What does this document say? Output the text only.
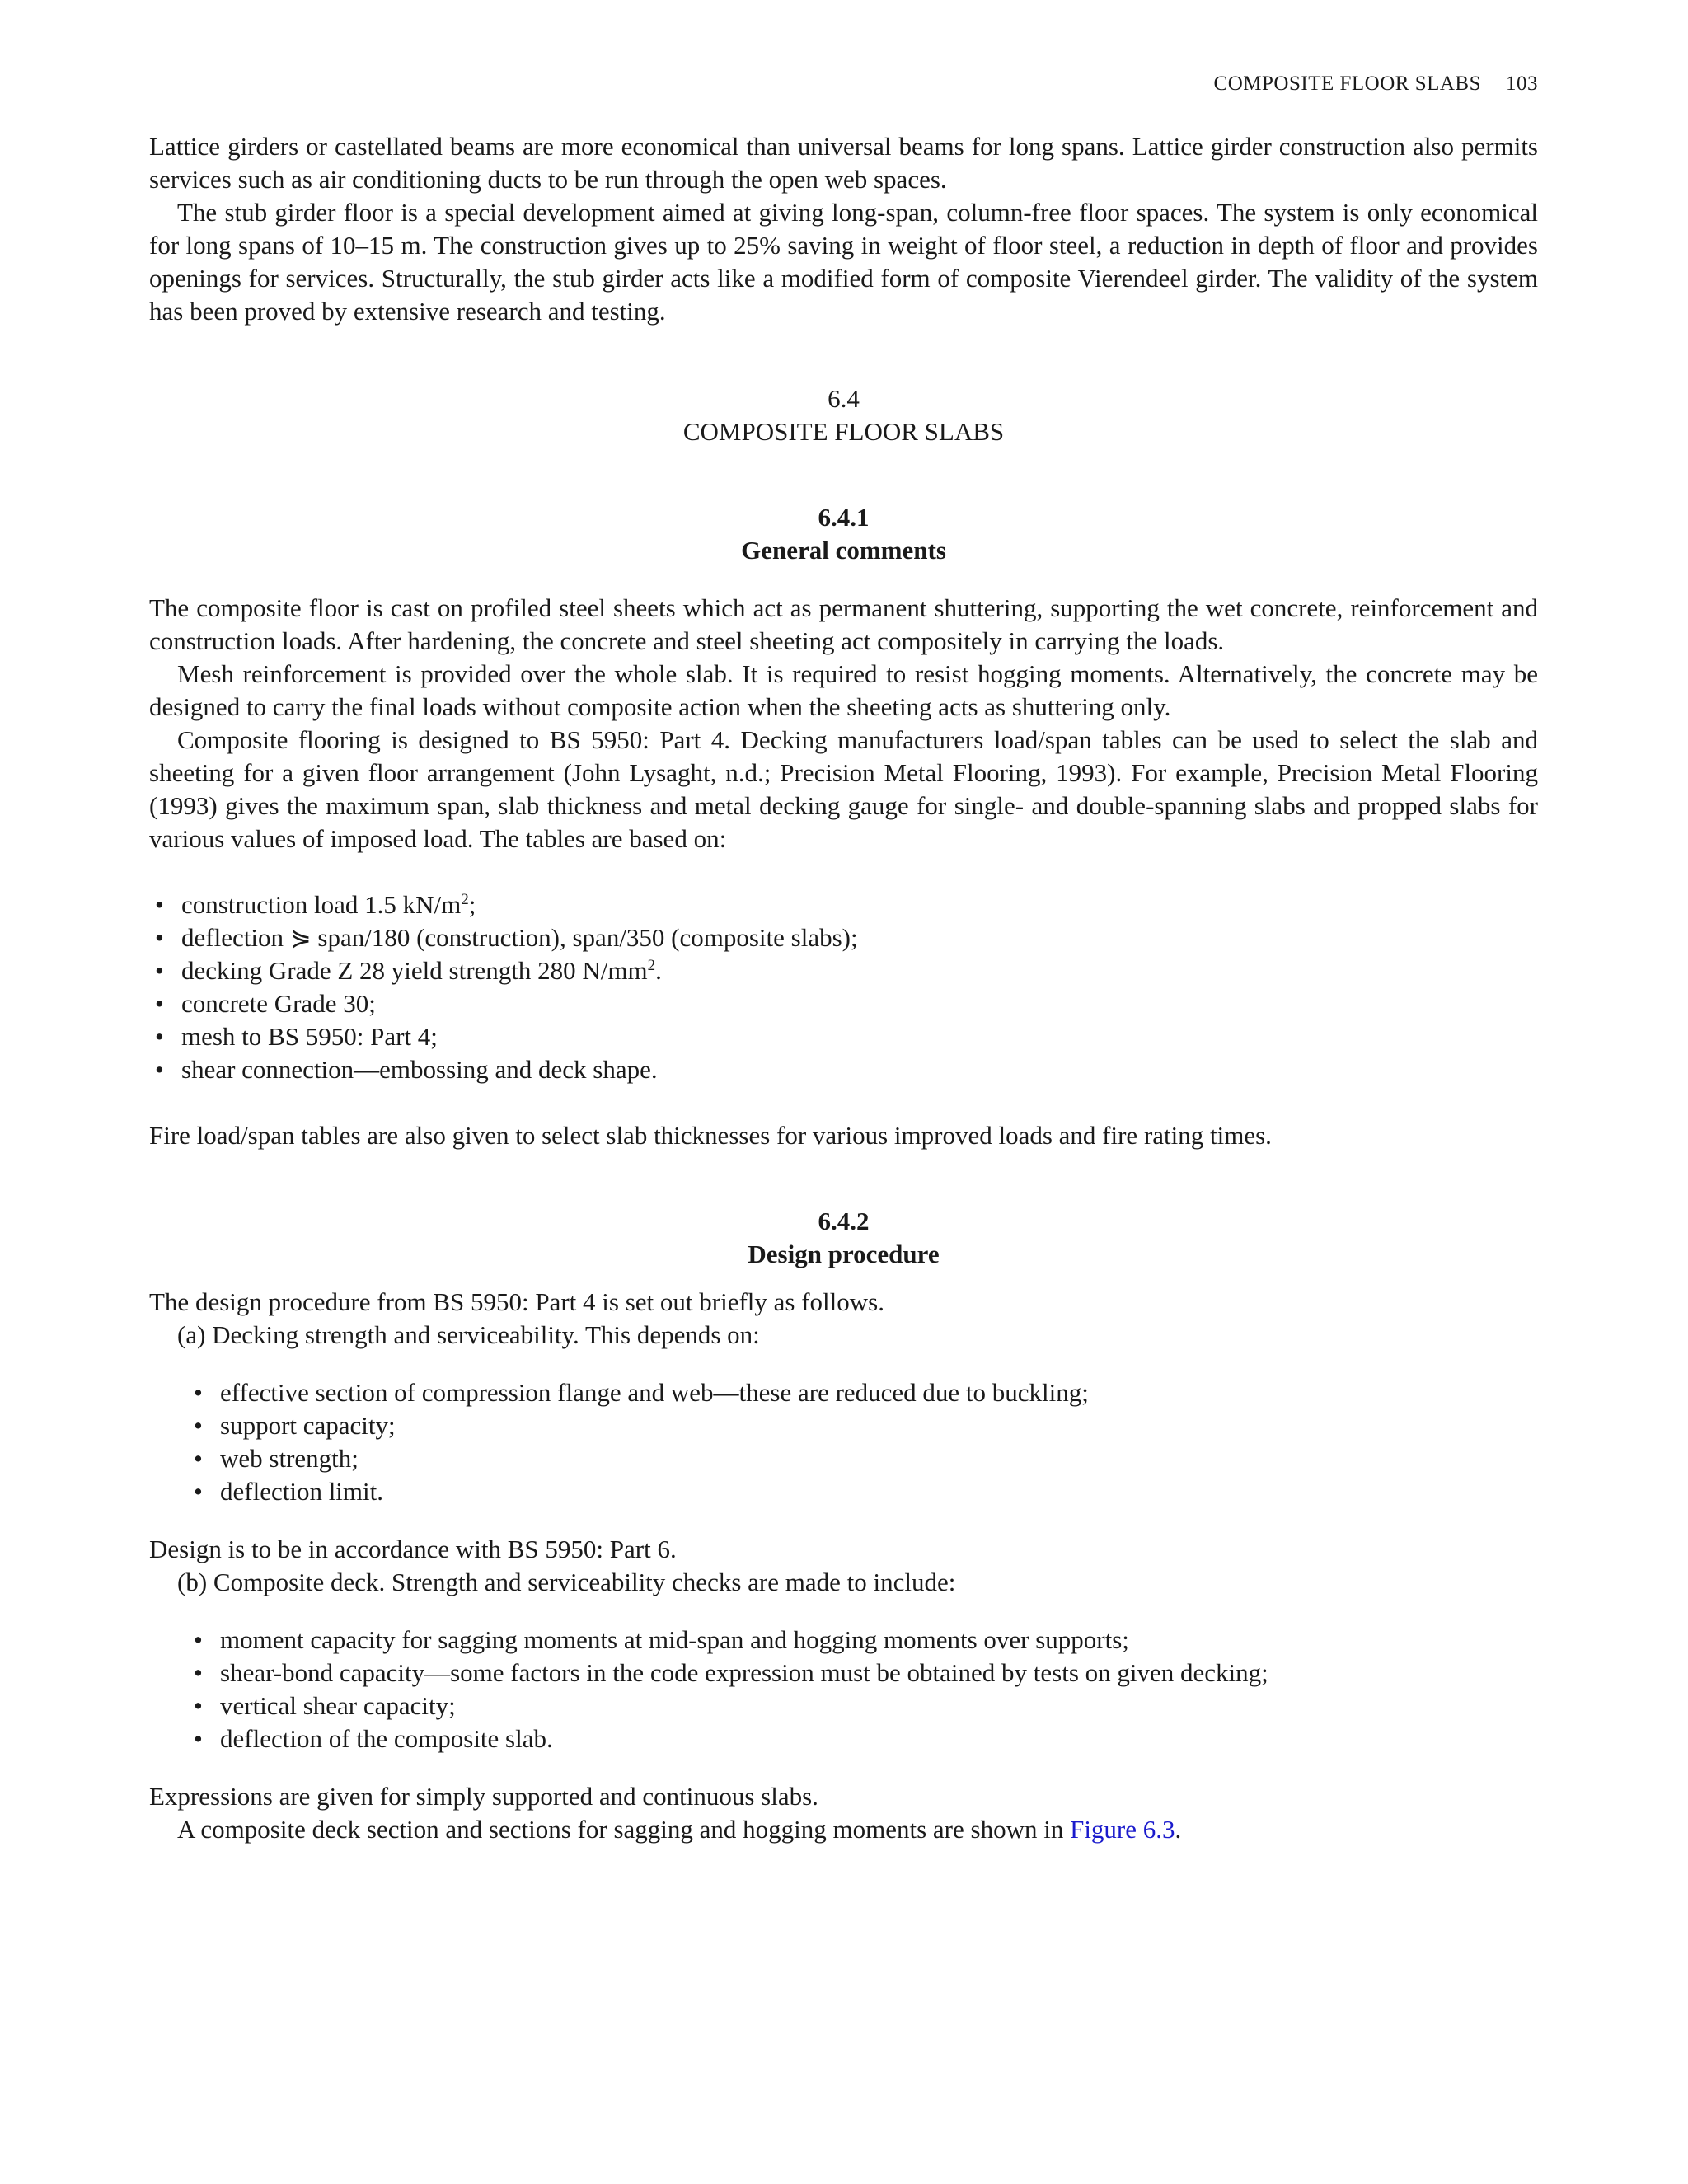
COMPOSITE FLOOR SLABS 103

Lattice girders or castellated beams are more economical than universal beams for long spans. Lattice girder construction also permits services such as air conditioning ducts to be run through the open web spaces.

The stub girder floor is a special development aimed at giving long-span, column-free floor spaces. The system is only economical for long spans of 10–15 m. The construction gives up to 25% saving in weight of floor steel, a reduction in depth of floor and provides openings for services. Structurally, the stub girder acts like a modified form of composite Vierendeel girder. The validity of the system has been proved by extensive research and testing.

6.4
COMPOSITE FLOOR SLABS
6.4.1
General comments

The composite floor is cast on profiled steel sheets which act as permanent shuttering, supporting the wet concrete, reinforcement and construction loads. After hardening, the concrete and steel sheeting act compositely in carrying the loads.

Mesh reinforcement is provided over the whole slab. It is required to resist hogging moments. Alternatively, the concrete may be designed to carry the final loads without composite action when the sheeting acts as shuttering only.

Composite flooring is designed to BS 5950: Part 4. Decking manufacturers load/span tables can be used to select the slab and sheeting for a given floor arrangement (John Lysaght, n.d.; Precision Metal Flooring, 1993). For example, Precision Metal Flooring (1993) gives the maximum span, slab thickness and metal decking gauge for single- and double-spanning slabs and propped slabs for various values of imposed load. The tables are based on:

• construction load 1.5 $kN/m^2$;
• deflection ⋟ span/180 (construction), span/350 (composite slabs);
• decking Grade Z 28 yield strength 280 $N/mm^2$.
• concrete Grade 30;
• mesh to BS 5950: Part 4;
• shear connection—embossing and deck shape.

Fire load/span tables are also given to select slab thicknesses for various improved loads and fire rating times.

6.4.2
Design procedure

The design procedure from BS 5950: Part 4 is set out briefly as follows.

(a) Decking strength and serviceability. This depends on:

• effective section of compression flange and web—these are reduced due to buckling;
• support capacity;
• web strength;
• deflection limit.

Design is to be in accordance with BS 5950: Part 6.

(b) Composite deck. Strength and serviceability checks are made to include:

• moment capacity for sagging moments at mid-span and hogging moments over supports;
• shear-bond capacity—some factors in the code expression must be obtained by tests on given decking;
• vertical shear capacity;
• deflection of the composite slab.

Expressions are given for simply supported and continuous slabs.

A composite deck section and sections for sagging and hogging moments are shown in Figure 6.3.
